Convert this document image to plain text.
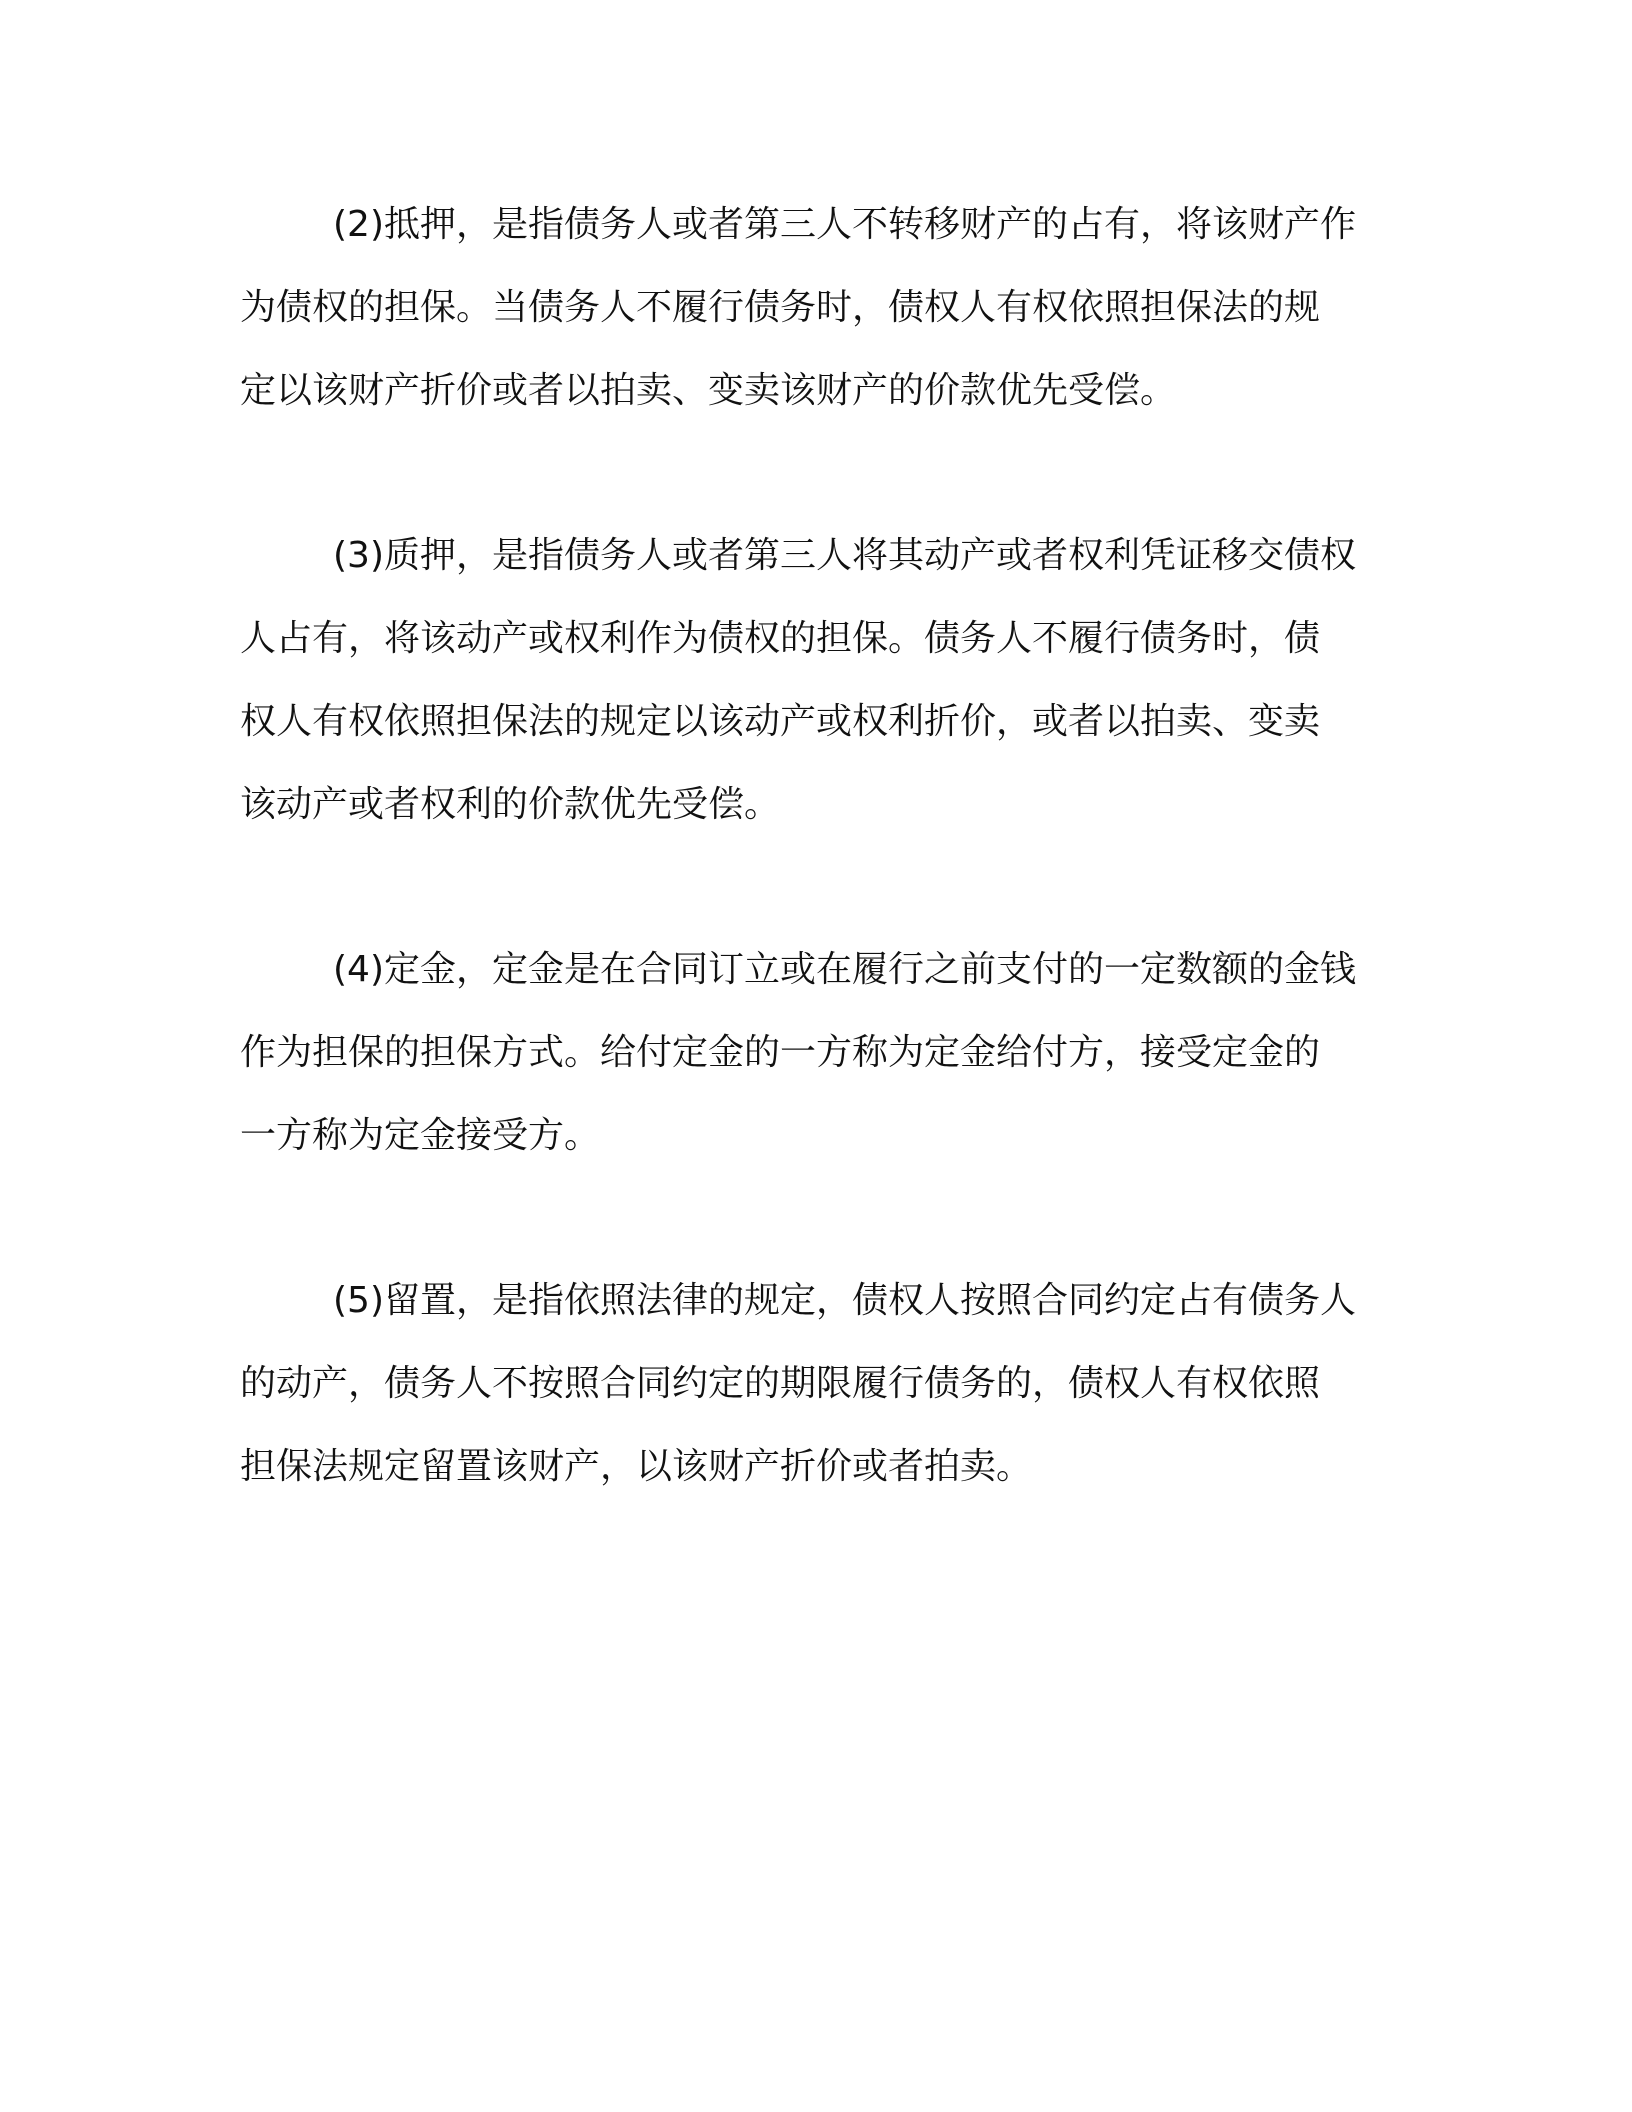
(2)抵押，是指债务人或者第三人不转移财产的占有，将该财产作
为债权的担保。当债务人不履行债务时，债权人有权依照担保法的规
定以该财产折价或者以拍卖、变卖该财产的价款优先受偿。

(3)质押，是指债务人或者第三人将其动产或者权利凭证移交债权
人占有，将该动产或权利作为债权的担保。债务人不履行债务时，债
权人有权依照担保法的规定以该动产或权利折价，或者以拍卖、变卖
该动产或者权利的价款优先受偿。

(4)定金，定金是在合同订立或在履行之前支付的一定数额的金钱
作为担保的担保方式。给付定金的一方称为定金给付方，接受定金的
一方称为定金接受方。

(5)留置，是指依照法律的规定，债权人按照合同约定占有债务人
的动产，债务人不按照合同约定的期限履行债务的，债权人有权依照
担保法规定留置该财产，以该财产折价或者拍卖。
